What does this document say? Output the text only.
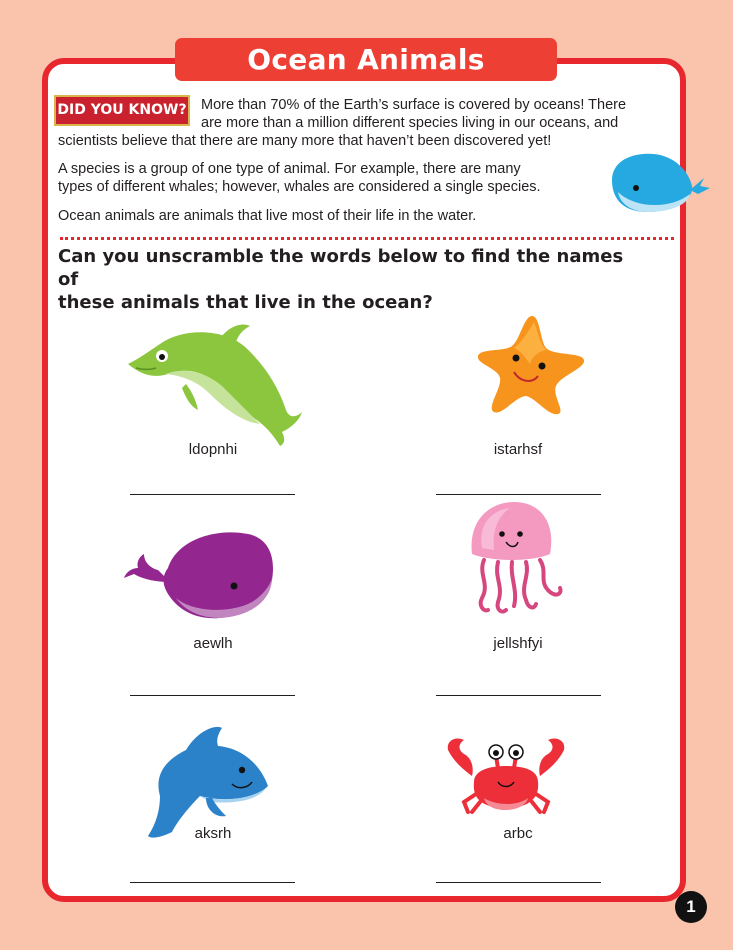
Ocean Animals
DID YOU KNOW? More than 70% of the Earth’s surface is covered by oceans! There
are more than a million different species living in our oceans, and
scientists believe that there are many more that haven’t been discovered yet!
A species is a group of one type of animal. For example, there are many
types of different whales; however, whales are considered a single species.
Ocean animals are animals that live most of their life in the water.
Can you unscramble the words below to find the names of
these animals that live in the ocean?
ldopnhi	istarhsf
aewlh	jellshfyi
aksrh	arbc
1
